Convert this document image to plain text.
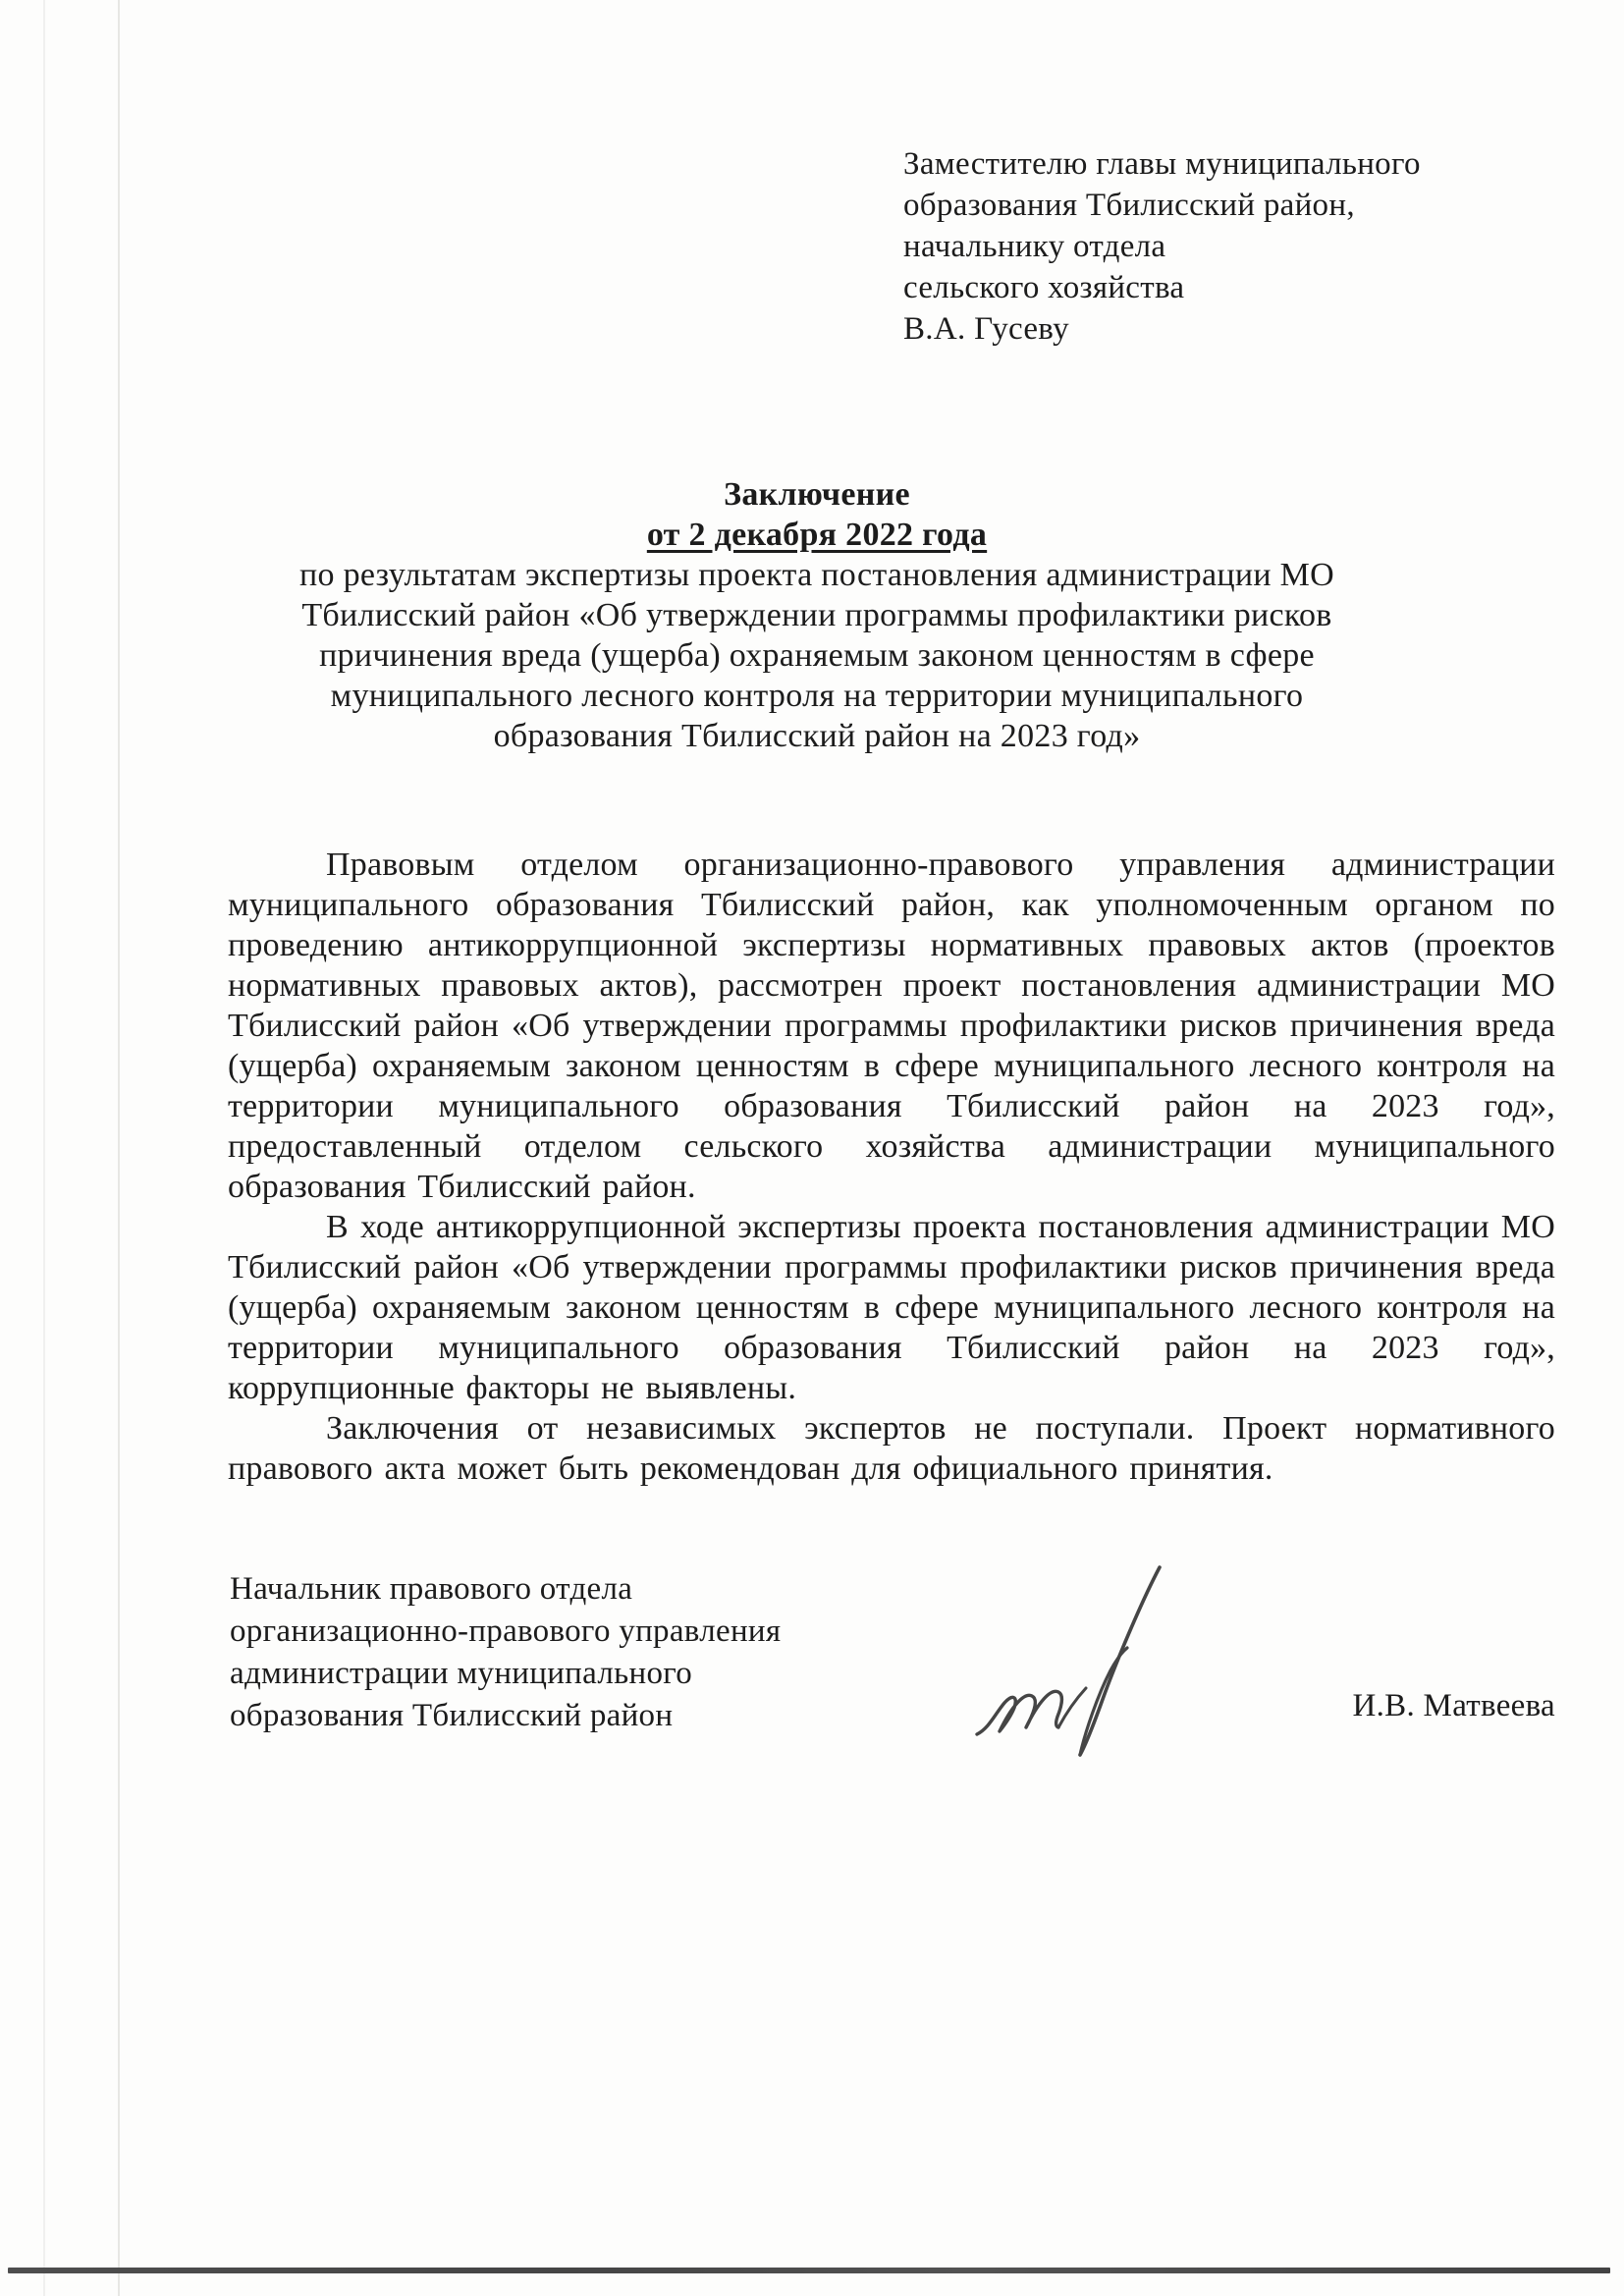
Заместителю главы муниципального
образования Тбилисский район,
начальнику отдела
сельского хозяйства
В.А. Гусеву
Заключение
от 2 декабря 2022 года
по результатам экспертизы проекта постановления администрации МО
Тбилисский район «Об утверждении программы профилактики рисков
причинения вреда (ущерба) охраняемым законом ценностям в сфере
муниципального лесного контроля на территории муниципального
образования Тбилисский район на 2023 год»

Правовым отделом организационно-правового управления администрации муниципального образования Тбилисский район, как уполномоченным органом по проведению антикоррупционной экспертизы нормативных правовых актов (проектов нормативных правовых актов), рассмотрен проект постановления администрации МО Тбилисский район «Об утверждении программы профилактики рисков причинения вреда (ущерба) охраняемым законом ценностям в сфере муниципального лесного контроля на территории муниципального образования Тбилисский район на 2023 год», предоставленный отделом сельского хозяйства администрации муниципального образования Тбилисский район.

В ходе антикоррупционной экспертизы проекта постановления администрации МО Тбилисский район «Об утверждении программы профилактики рисков причинения вреда (ущерба) охраняемым законом ценностям в сфере муниципального лесного контроля на территории муниципального образования Тбилисский район на 2023 год», коррупционные факторы не выявлены.

Заключения от независимых экспертов не поступали. Проект нормативного правового акта может быть рекомендован для официального принятия.

Начальник правового отдела
организационно-правового управления
администрации муниципального
образования Тбилисский район	И.В. Матвеева
